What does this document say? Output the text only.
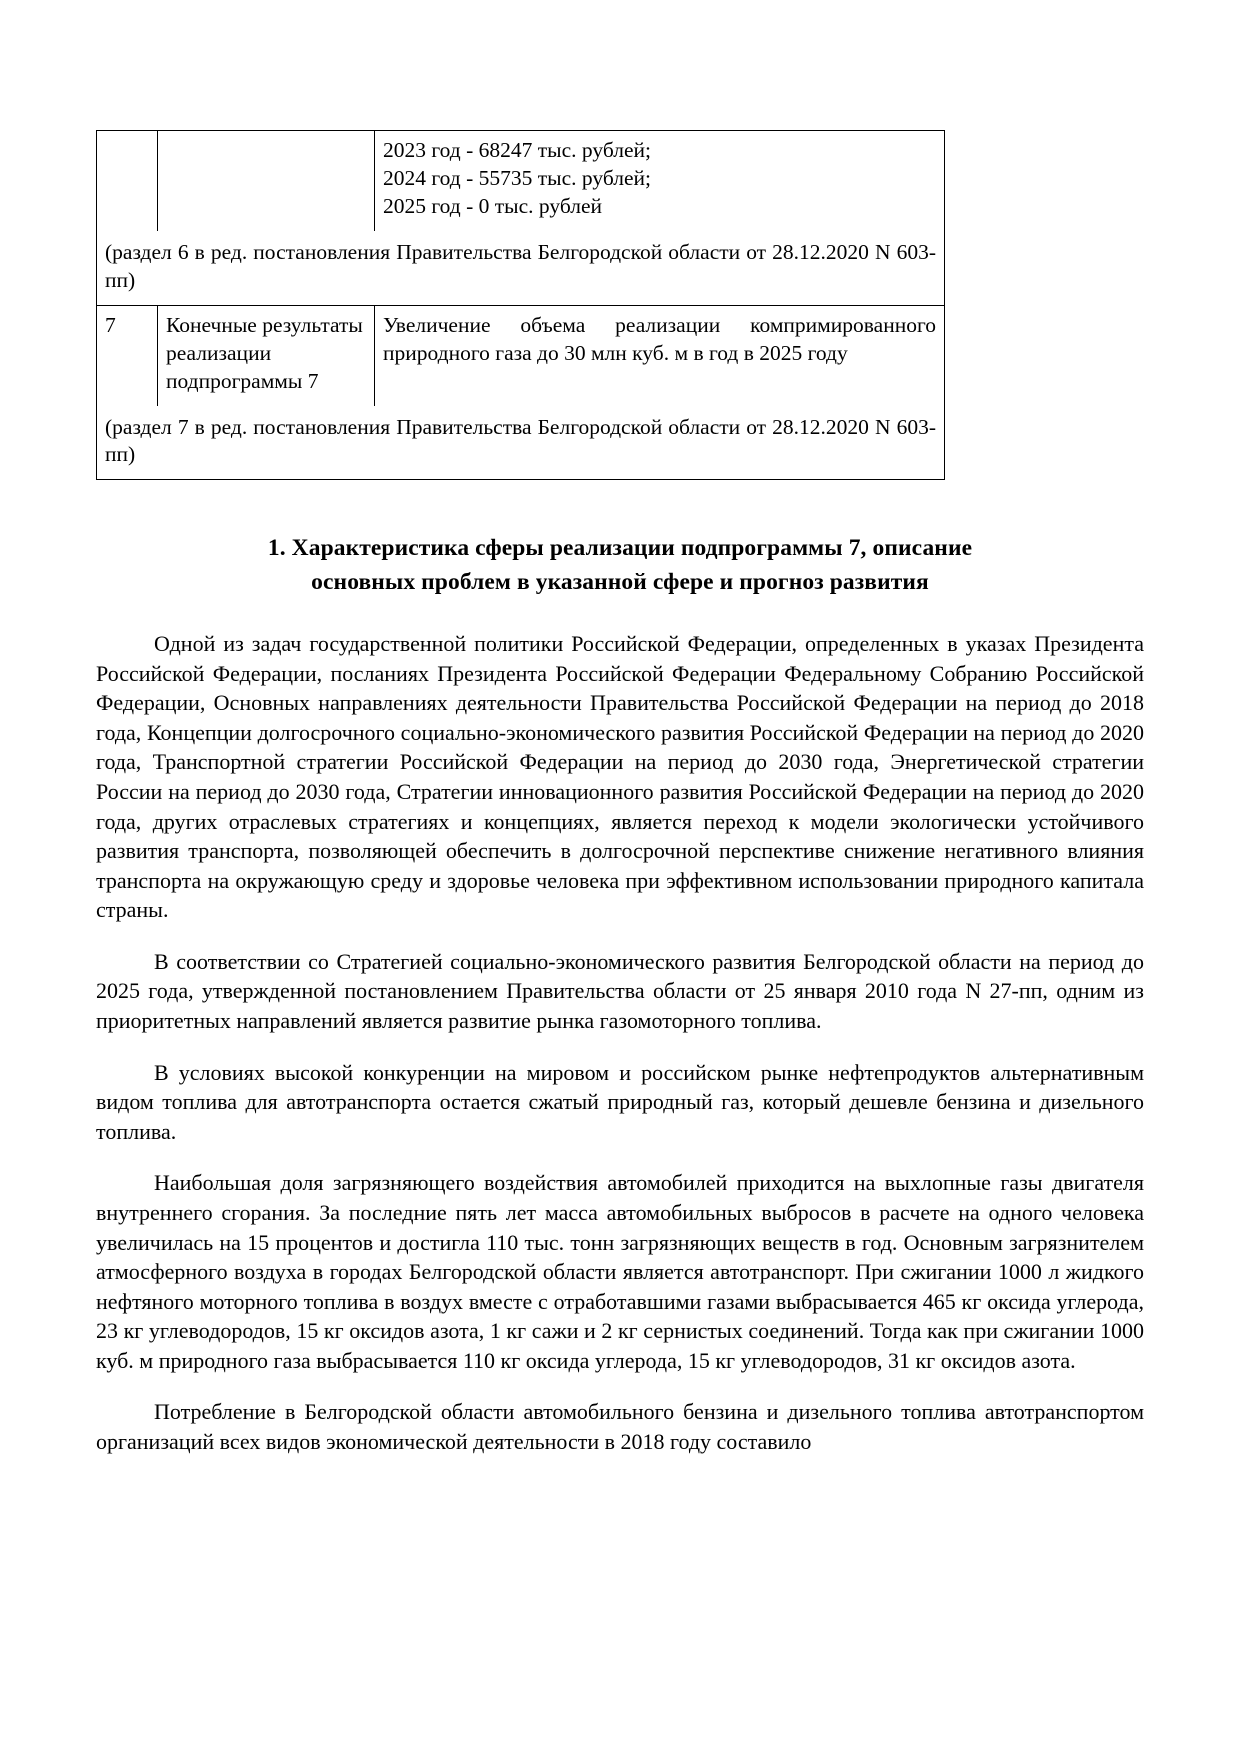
		2023 год - 68247 тыс. рублей;
2024 год - 55735 тыс. рублей;
2025 год - 0 тыс. рублей

(раздел 6 в ред. постановления Правительства Белгородской области от 28.12.2020 N 603-пп)		
7	Конечные результаты реализации подпрограммы 7	Увеличение объема реализации компримированного природного газа до 30 млн куб. м в год в 2025 году
(раздел 7 в ред. постановления Правительства Белгородской области от 28.12.2020 N 603-пп)		
1. Характеристика сферы реализации подпрограммы 7, описание
основных проблем в указанной сфере и прогноз развития

Одной из задач государственной политики Российской Федерации, определенных в указах Президента Российской Федерации, посланиях Президента Российской Федерации Федеральному Собранию Российской Федерации, Основных направлениях деятельности Правительства Российской Федерации на период до 2018 года, Концепции долгосрочного социально-экономического развития Российской Федерации на период до 2020 года, Транспортной стратегии Российской Федерации на период до 2030 года, Энергетической стратегии России на период до 2030 года, Стратегии инновационного развития Российской Федерации на период до 2020 года, других отраслевых стратегиях и концепциях, является переход к модели экологически устойчивого развития транспорта, позволяющей обеспечить в долгосрочной перспективе снижение негативного влияния транспорта на окружающую среду и здоровье человека при эффективном использовании природного капитала страны.

В соответствии со Стратегией социально-экономического развития Белгородской области на период до 2025 года, утвержденной постановлением Правительства области от 25 января 2010 года N 27-пп, одним из приоритетных направлений является развитие рынка газомоторного топлива.

В условиях высокой конкуренции на мировом и российском рынке нефтепродуктов альтернативным видом топлива для автотранспорта остается сжатый природный газ, который дешевле бензина и дизельного топлива.

Наибольшая доля загрязняющего воздействия автомобилей приходится на выхлопные газы двигателя внутреннего сгорания. За последние пять лет масса автомобильных выбросов в расчете на одного человека увеличилась на 15 процентов и достигла 110 тыс. тонн загрязняющих веществ в год. Основным загрязнителем атмосферного воздуха в городах Белгородской области является автотранспорт. При сжигании 1000 л жидкого нефтяного моторного топлива в воздух вместе с отработавшими газами выбрасывается 465 кг оксида углерода, 23 кг углеводородов, 15 кг оксидов азота, 1 кг сажи и 2 кг сернистых соединений. Тогда как при сжигании 1000 куб. м природного газа выбрасывается 110 кг оксида углерода, 15 кг углеводородов, 31 кг оксидов азота.

Потребление в Белгородской области автомобильного бензина и дизельного топлива автотранспортом организаций всех видов экономической деятельности в 2018 году составило
